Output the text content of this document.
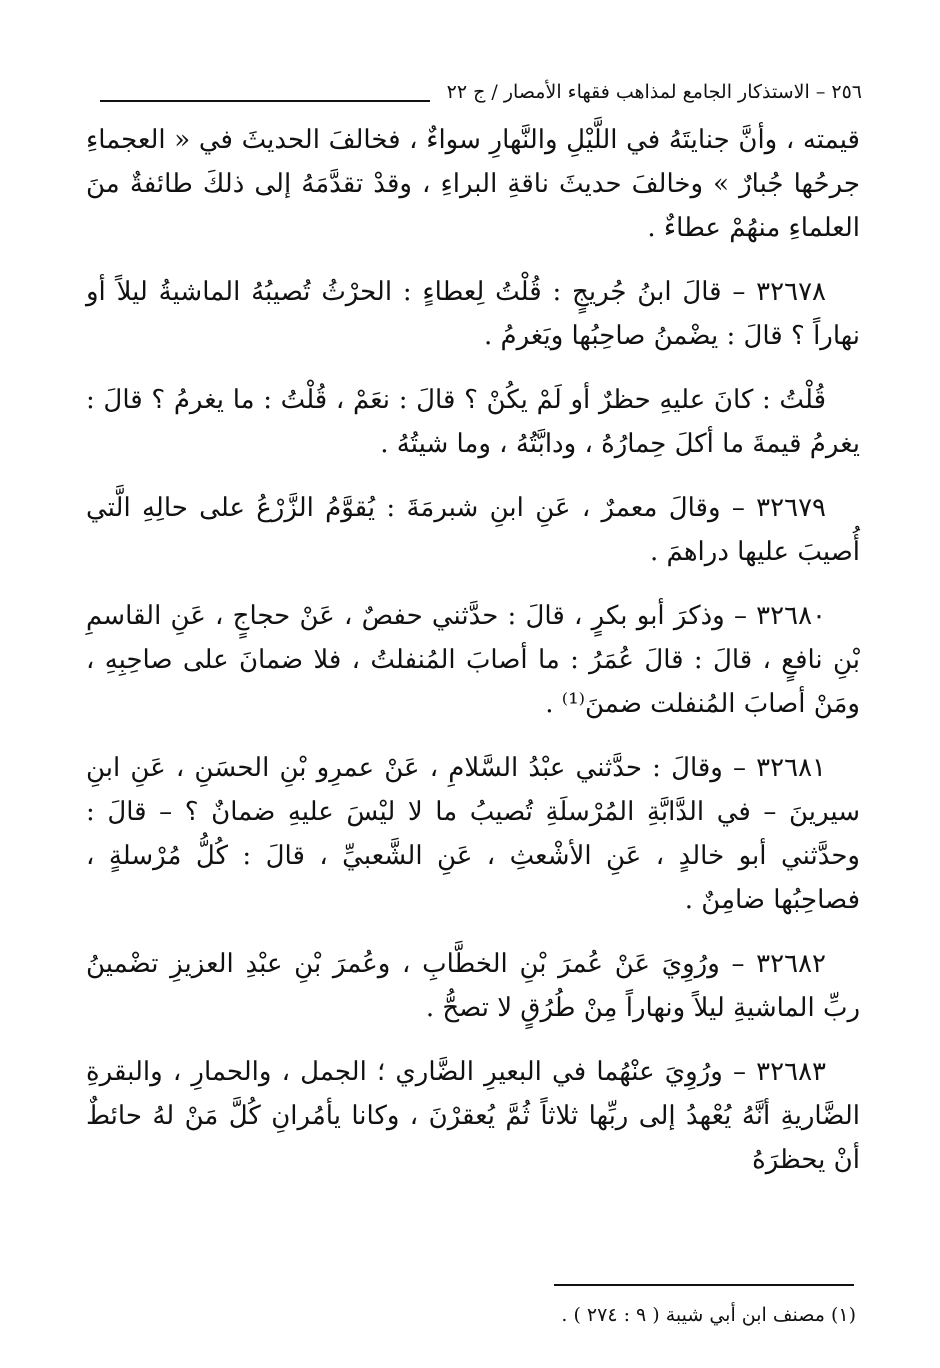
٢٥٦ – الاستذكار الجامع لمذاهب فقهاء الأمصار / ج ٢٢

قيمته ، وأنَّ جنايتَهُ في اللَّيْلِ والنَّهارِ سواءٌ ، فخالفَ الحديثَ في « العجماءِ جرحُها جُبارٌ » وخالفَ حديثَ ناقةِ البراءِ ، وقدْ تقدَّمَهُ إلى ذلكَ طائفةٌ منَ العلماءِ منهُمْ عطاءٌ .

٣٢٦٧٨ – قالَ ابنُ جُريجٍ : قُلْتُ لِعطاءٍ : الحرْثُ تُصيبُهُ الماشيةُ ليلاً أو نهاراً ؟ قالَ : يضْمنُ صاحِبُها ويَغرمُ .

قُلْتُ : كانَ عليهِ حظرٌ أو لَمْ يكُنْ ؟ قالَ : نعَمْ ، قُلْتُ : ما يغرمُ ؟ قالَ : يغرمُ قيمةَ ما أكلَ حِمارُهُ ، ودابَّتُهُ ، وما شيتُهُ .

٣٢٦٧٩ – وقالَ معمرٌ ، عَنِ ابنِ شبرمَةَ : يُقوَّمُ الزَّرْعُ على حالِهِ الَّتي أُصيبَ عليها دراهمَ .

٣٢٦٨٠ – وذكرَ أبو بكرٍ ، قالَ : حدَّثني حفصٌ ، عَنْ حجاجٍ ، عَنِ القاسمِ بْنِ نافعٍ ، قالَ : قالَ عُمَرُ : ما أصابَ المُنفلتُ ، فلا ضمانَ على صاحِبِهِ ، ومَنْ أصابَ المُنفلت ضمنَ⁽¹⁾ .

٣٢٦٨١ – وقالَ : حدَّثني عبْدُ السَّلامِ ، عَنْ عمرِو بْنِ الحسَنِ ، عَنِ ابنِ سيرينَ – في الدَّابَّةِ المُرْسلَةِ تُصيبُ ما لا ليْسَ عليهِ ضمانٌ ؟ – قالَ : وحدَّثني أبو خالدٍ ، عَنِ الأشْعثِ ، عَنِ الشَّعبيِّ ، قالَ : كُلُّ مُرْسلةٍ ، فصاحِبُها ضامِنٌ .

٣٢٦٨٢ – ورُوِيَ عَنْ عُمرَ بْنِ الخطَّابِ ، وعُمرَ بْنِ عبْدِ العزيزِ تضْمينُ ربِّ الماشيةِ ليلاً ونهاراً مِنْ طُرُقٍ لا تصحُّ .

٣٢٦٨٣ – ورُوِيَ عنْهُما في البعيرِ الضَّاري ؛ الجمل ، والحمارِ ، والبقرةِ الضَّاريةِ أنَّهُ يُعْهدُ إلى ربِّها ثلاثاً ثُمَّ يُعقرْنَ ، وكانا يأمُرانِ كُلَّ مَنْ لهُ حائطٌ أنْ يحظرَهُ

(١) مصنف ابن أبي شيبة ( ٩ : ٢٧٤ ) .
